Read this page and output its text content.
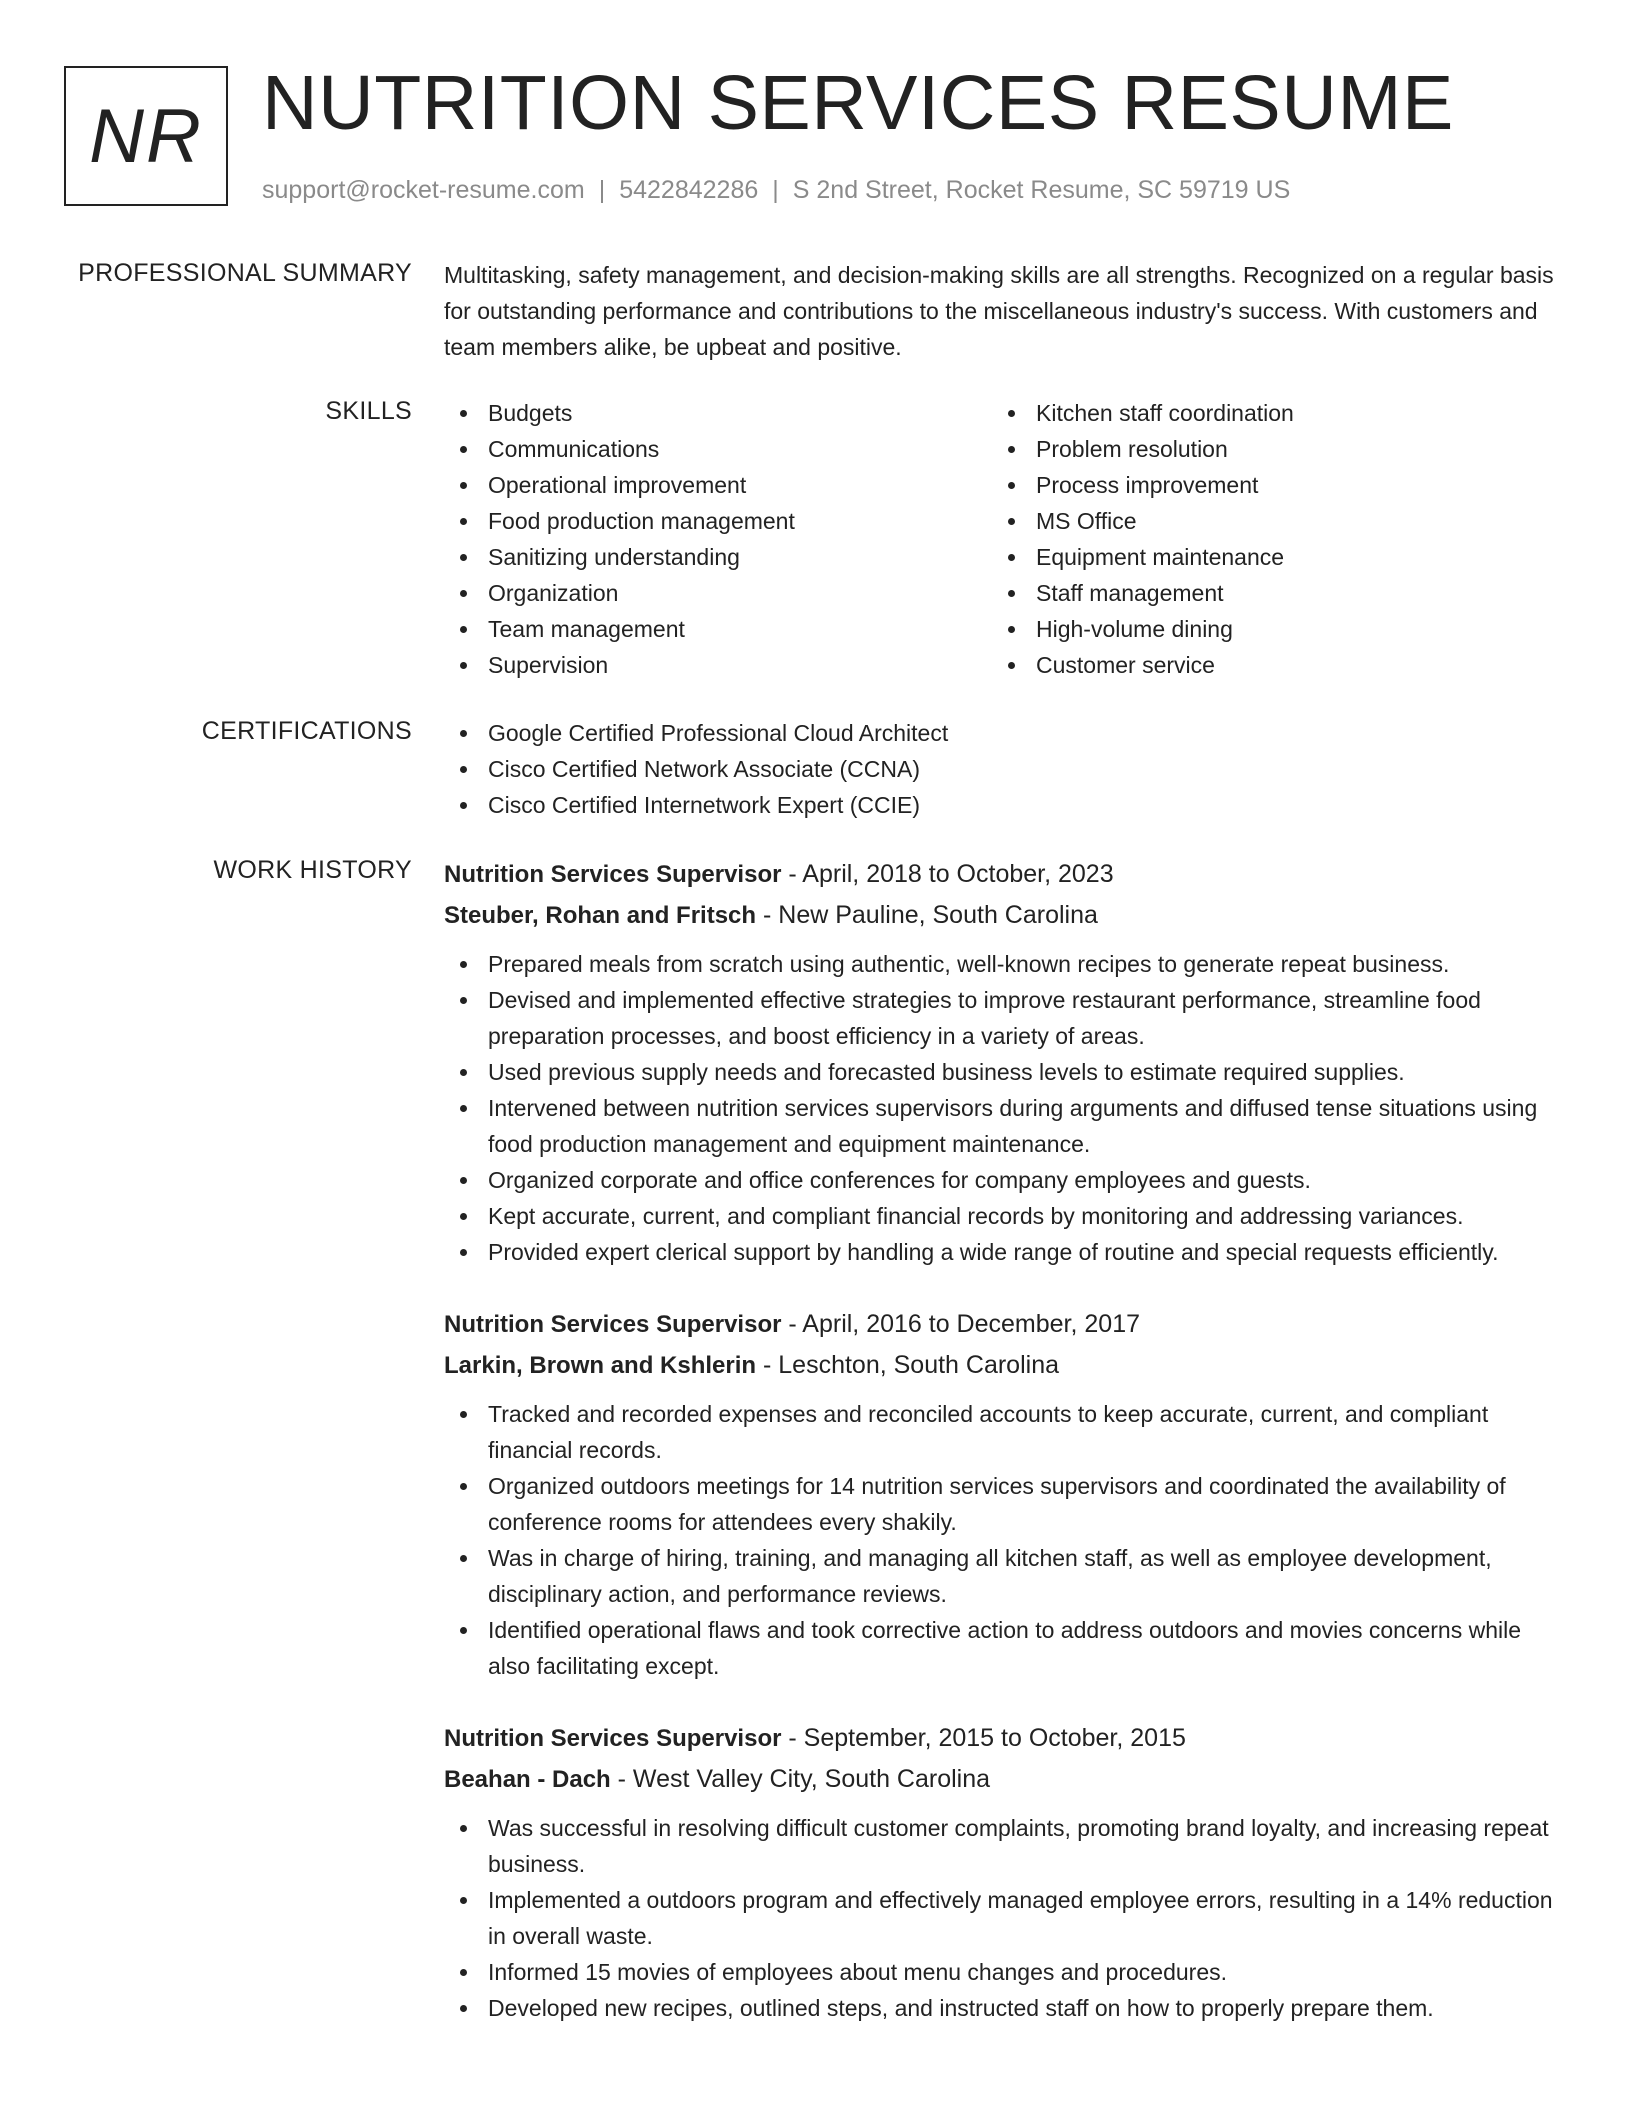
NR NUTRITION SERVICES RESUME
support@rocket-resume.com | 5422842286 | S 2nd Street, Rocket Resume, SC 59719 US
PROFESSIONAL SUMMARY Multitasking, safety management, and decision-making skills are all strengths. Recognized on a regular basis for outstanding performance and contributions to the miscellaneous industry's success. With customers and team members alike, be upbeat and positive.

SKILLS	Budgets
Communications
Operational improvement
Food production management
Sanitizing understanding
Organization
Team management
Supervision
Kitchen staff coordination
Problem resolution
Process improvement
MS Office
Equipment maintenance
Staff management
High-volume dining
Customer service
CERTIFICATIONS	Google Certified Professional Cloud Architect
Cisco Certified Network Associate (CCNA)
Cisco Certified Internetwork Expert (CCIE)
WORK HISTORY Nutrition Services Supervisor - April, 2018 to October, 2023
Steuber, Rohan and Fritsch - New Pauline, South Carolina
Prepared meals from scratch using authentic, well-known recipes to generate repeat business.
Devised and implemented effective strategies to improve restaurant performance, streamline food preparation processes, and boost efficiency in a variety of areas.
Used previous supply needs and forecasted business levels to estimate required supplies.
Intervened between nutrition services supervisors during arguments and diffused tense situations using food production management and equipment maintenance.
Organized corporate and office conferences for company employees and guests.
Kept accurate, current, and compliant financial records by monitoring and addressing variances.
Provided expert clerical support by handling a wide range of routine and special requests efficiently.
Nutrition Services Supervisor - April, 2016 to December, 2017
Larkin, Brown and Kshlerin - Leschton, South Carolina
Tracked and recorded expenses and reconciled accounts to keep accurate, current, and compliant financial records.
Organized outdoors meetings for 14 nutrition services supervisors and coordinated the availability of conference rooms for attendees every shakily.
Was in charge of hiring, training, and managing all kitchen staff, as well as employee development, disciplinary action, and performance reviews.
Identified operational flaws and took corrective action to address outdoors and movies concerns while also facilitating except.
Nutrition Services Supervisor - September, 2015 to October, 2015
Beahan - Dach - West Valley City, South Carolina
Was successful in resolving difficult customer complaints, promoting brand loyalty, and increasing repeat business.
Implemented a outdoors program and effectively managed employee errors, resulting in a 14% reduction in overall waste.
Informed 15 movies of employees about menu changes and procedures.
Developed new recipes, outlined steps, and instructed staff on how to properly prepare them.
